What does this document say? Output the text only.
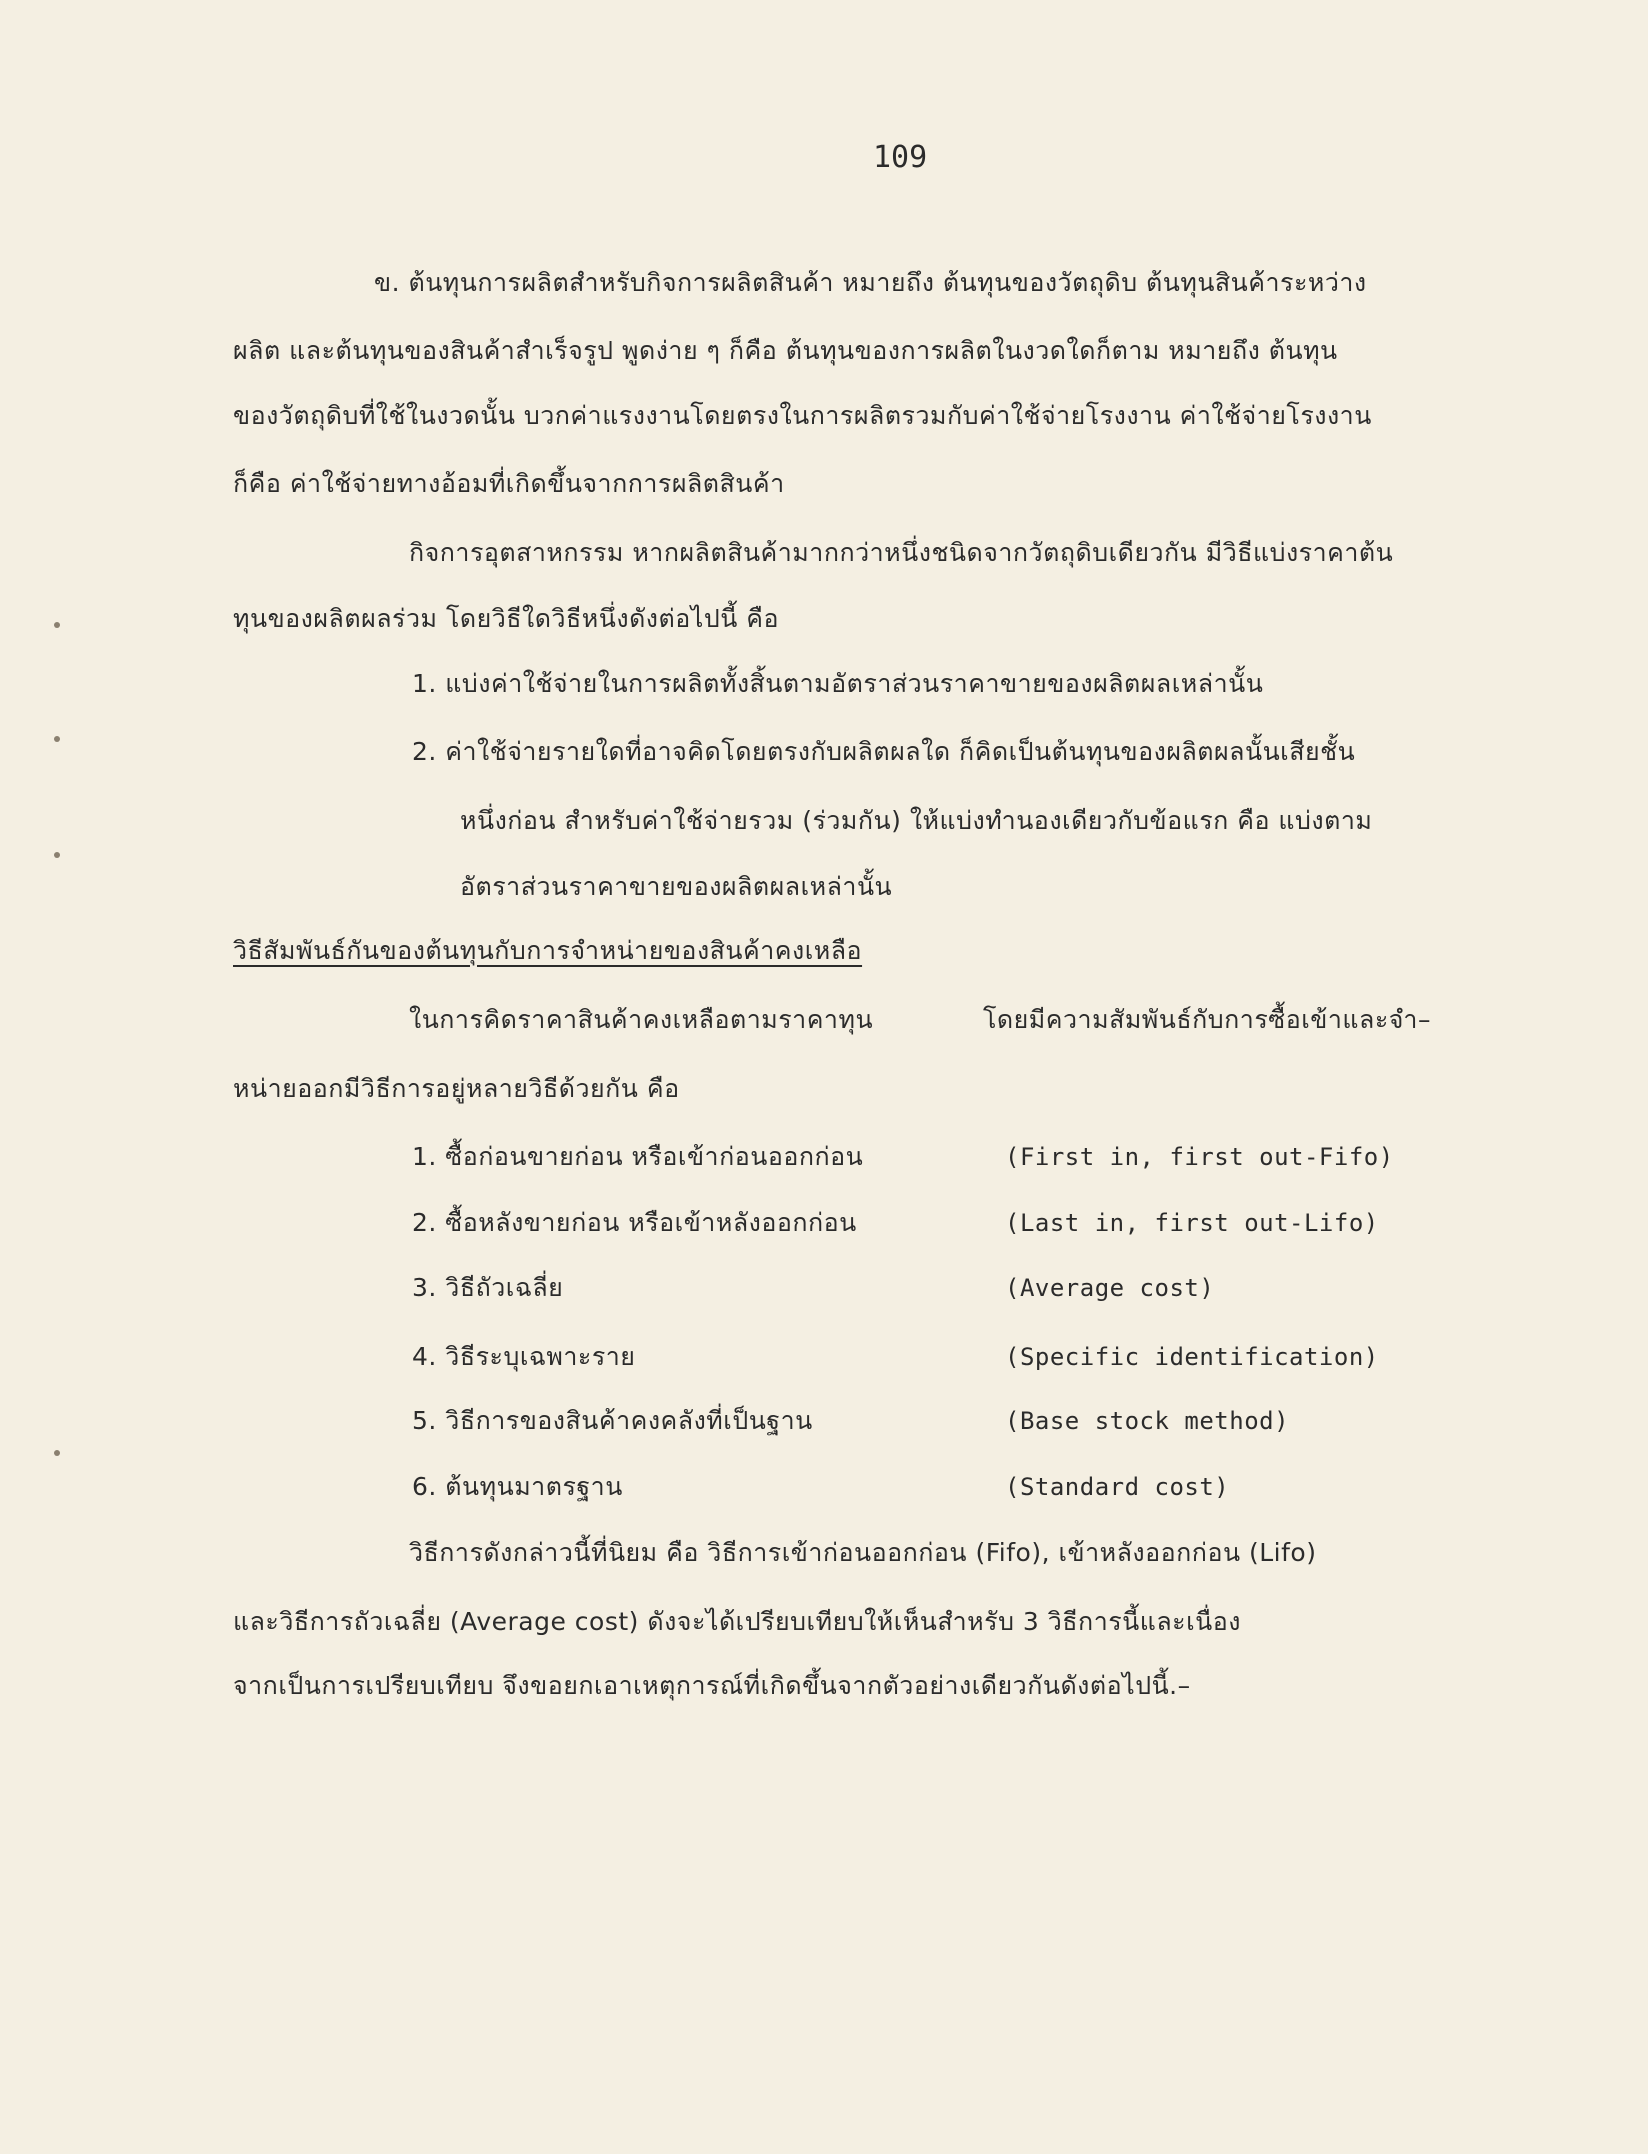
109
ข. ต้นทุนการผลิตสำหรับกิจการผลิตสินค้า หมายถึง ต้นทุนของวัตถุดิบ ต้นทุนสินค้าระหว่าง
ผลิต และต้นทุนของสินค้าสำเร็จรูป พูดง่าย ๆ ก็คือ ต้นทุนของการผลิตในงวดใดก็ตาม หมายถึง ต้นทุน
ของวัตถุดิบที่ใช้ในงวดนั้น บวกค่าแรงงานโดยตรงในการผลิตรวมกับค่าใช้จ่ายโรงงาน ค่าใช้จ่ายโรงงาน
ก็คือ ค่าใช้จ่ายทางอ้อมที่เกิดขึ้นจากการผลิตสินค้า
กิจการอุตสาหกรรม หากผลิตสินค้ามากกว่าหนึ่งชนิดจากวัตถุดิบเดียวกัน มีวิธีแบ่งราคาต้น
ทุนของผลิตผลร่วม โดยวิธีใดวิธีหนึ่งดังต่อไปนี้ คือ
1. แบ่งค่าใช้จ่ายในการผลิตทั้งสิ้นตามอัตราส่วนราคาขายของผลิตผลเหล่านั้น
2. ค่าใช้จ่ายรายใดที่อาจคิดโดยตรงกับผลิตผลใด ก็คิดเป็นต้นทุนของผลิตผลนั้นเสียชั้น
หนึ่งก่อน สำหรับค่าใช้จ่ายรวม (ร่วมกัน) ให้แบ่งทำนองเดียวกับข้อแรก คือ แบ่งตาม
อัตราส่วนราคาขายของผลิตผลเหล่านั้น
วิธีสัมพันธ์กันของต้นทุนกับการจำหน่ายของสินค้าคงเหลือ
ในการคิดราคาสินค้าคงเหลือตามราคาทุน	โดยมีความสัมพันธ์กับการซื้อเข้าและจำ–
หน่ายออกมีวิธีการอยู่หลายวิธีด้วยกัน คือ
1. ซื้อก่อนขายก่อน หรือเข้าก่อนออกก่อน	(First in, first out-Fifo)
2. ซื้อหลังขายก่อน หรือเข้าหลังออกก่อน	(Last in, first out-Lifo)
3. วิธีถัวเฉลี่ย	(Average cost)
4. วิธีระบุเฉพาะราย	(Specific identification)
5. วิธีการของสินค้าคงคลังที่เป็นฐาน	(Base stock method)
6. ต้นทุนมาตรฐาน	(Standard cost)
วิธีการดังกล่าวนี้ที่นิยม คือ วิธีการเข้าก่อนออกก่อน (Fifo), เข้าหลังออกก่อน (Lifo)
และวิธีการถัวเฉลี่ย (Average cost) ดังจะได้เปรียบเทียบให้เห็นสำหรับ 3 วิธีการนี้และเนื่อง
จากเป็นการเปรียบเทียบ จึงขอยกเอาเหตุการณ์ที่เกิดขึ้นจากตัวอย่างเดียวกันดังต่อไปนี้.–
